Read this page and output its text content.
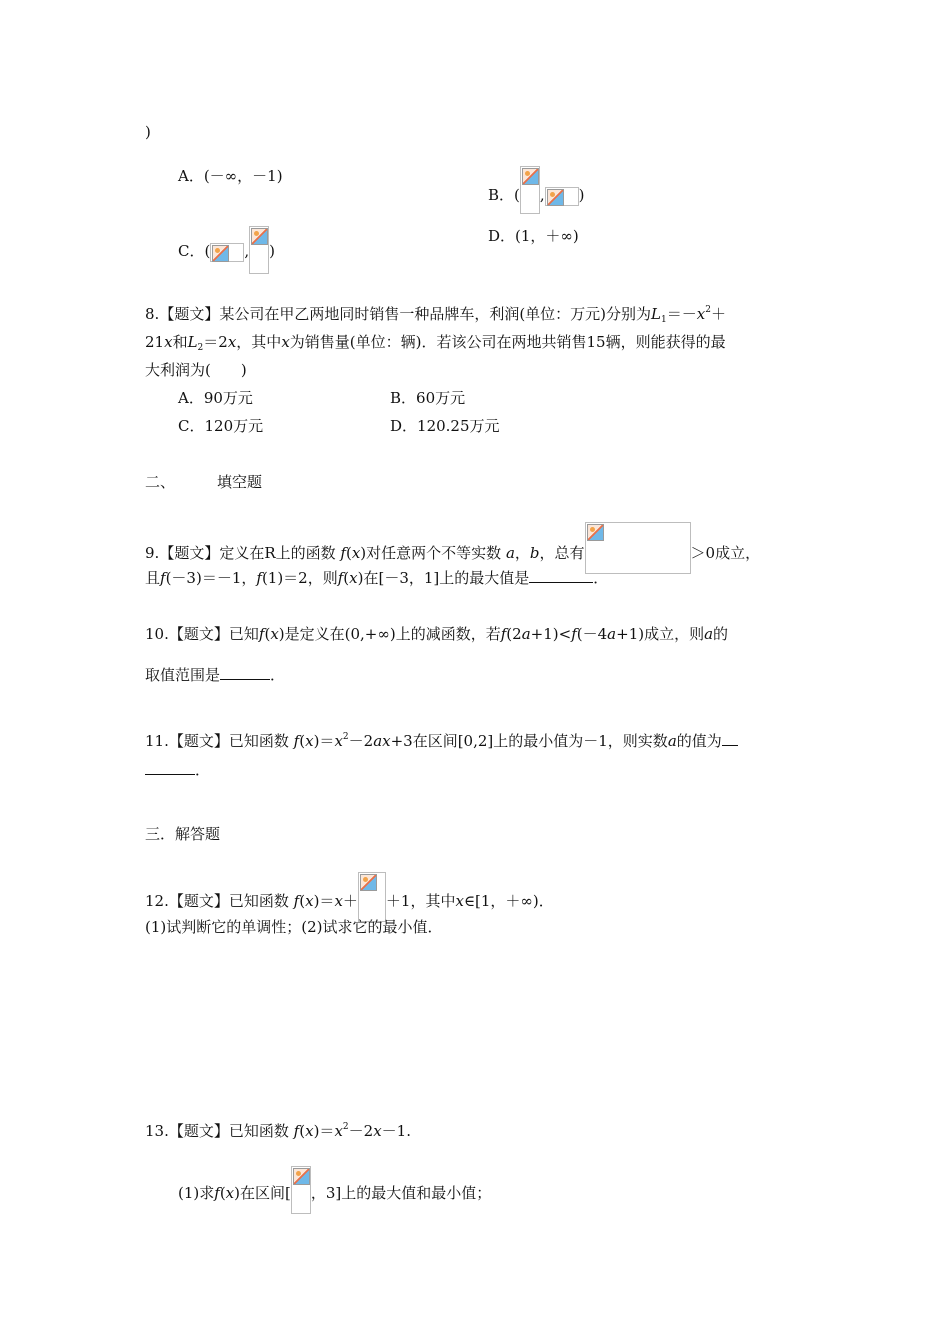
)
A．(－∞，－1)
B．( , )
C．( , )
D．(1，＋∞)
8.【题文】某公司在甲乙两地同时销售一种品牌车，利润(单位：万元)分别为$L_1=-x^2+$
21x和$L_2=2x$，其中x为销售量(单位：辆)．若该公司在两地共销售15辆，则能获得的最
大利润为(　　)
A．90万元	B．60万元
C．120万元	D．120.25万元
二、	填空题
9.【题文】定义在R上的函数 f(x)对任意两个不等实数 a，b，总有	＞0成立，
且f(－3)＝－1，f(1)＝2，则f(x)在[－3，1]上的最大值是	．
10.【题文】已知f(x)是定义在(0,+∞)上的减函数，若f(2a+1)<f(－4a+1)成立，则a的
取值范围是	．
11.【题文】已知函数 $f(x)=x^2-2ax+3$在区间[0,2]上的最小值为－1，则实数a的值为
．
三．解答题
12.【题文】已知函数 f(x)＝x＋ ＋1，其中x∈[1，＋∞)．
(1)试判断它的单调性；(2)试求它的最小值．
13.【题文】已知函数 $f(x)=x^2-2x-1$.
(1)求f(x)在区间[ ，3]上的最大值和最小值；
